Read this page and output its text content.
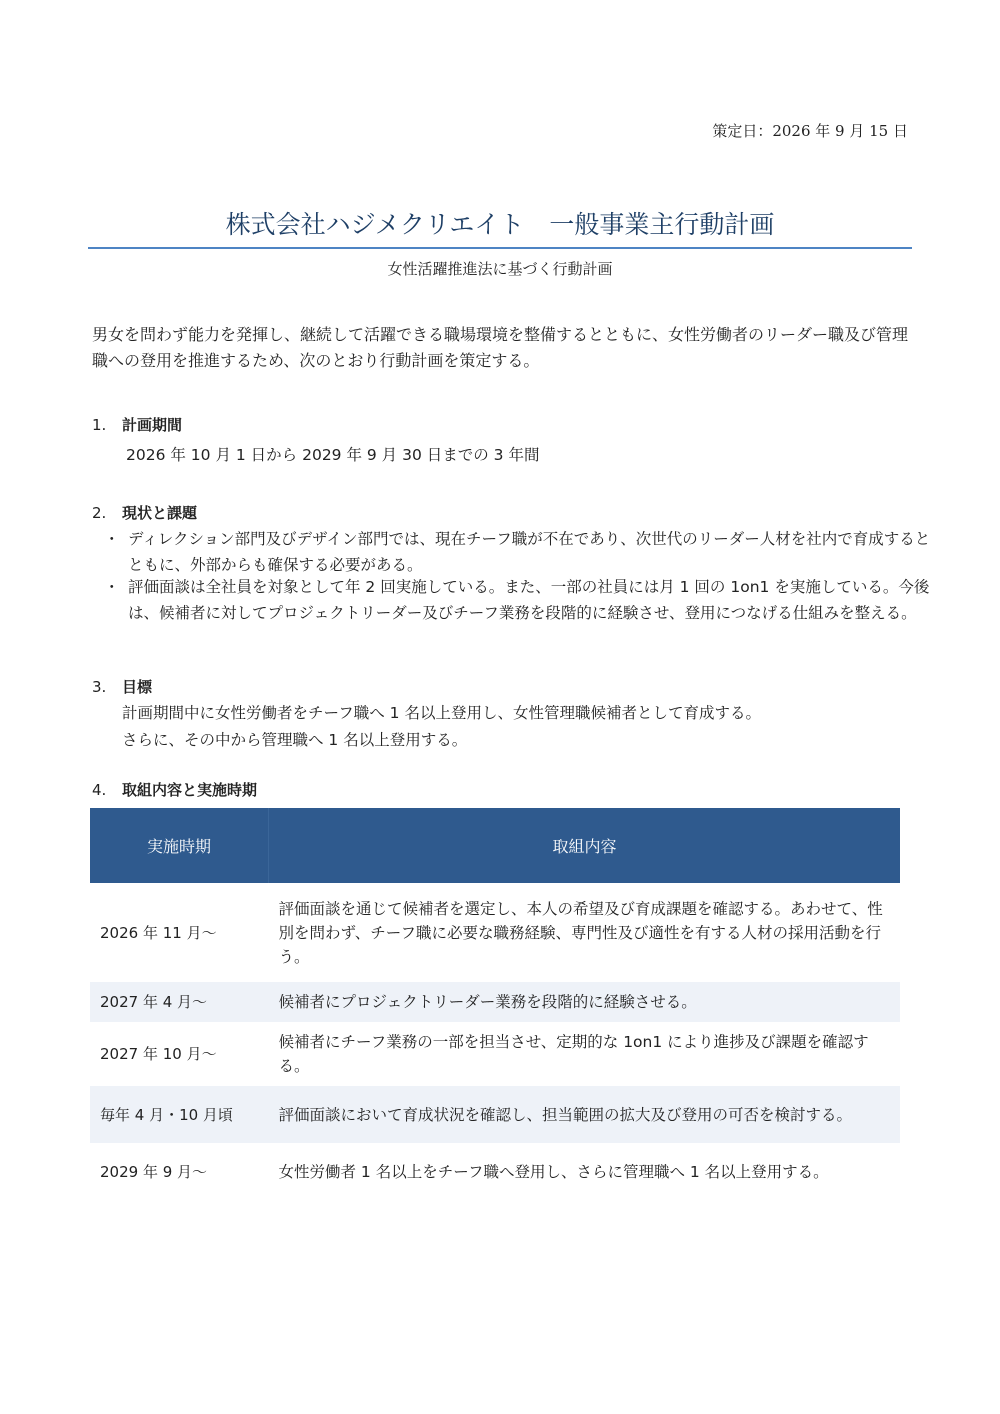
策定日：2026 年 9 月 15 日
株式会社ハジメクリエイト　一般事業主行動計画
女性活躍推進法に基づく行動計画
男女を問わず能力を発揮し、継続して活躍できる職場環境を整備するとともに、女性労働者のリーダー職及び管理職への登用を推進するため、次のとおり行動計画を策定する。
1. 計画期間
2026 年 10 月 1 日から 2029 年 9 月 30 日までの 3 年間
2. 現状と課題
・ ディレクション部門及びデザイン部門では、現在チーフ職が不在であり、次世代のリーダー人材を社内で育成するとともに、外部からも確保する必要がある。
・ 評価面談は全社員を対象として年 2 回実施している。また、一部の社員には月 1 回の 1on1 を実施している。今後は、候補者に対してプロジェクトリーダー及びチーフ業務を段階的に経験させ、登用につなげる仕組みを整える。
3. 目標
計画期間中に女性労働者をチーフ職へ 1 名以上登用し、女性管理職候補者として育成する。
さらに、その中から管理職へ 1 名以上登用する。
4. 取組内容と実施時期
実施時期	取組内容
2026 年 11 月〜	評価面談を通じて候補者を選定し、本人の希望及び育成課題を確認する。あわせて、性別を問わず、チーフ職に必要な職務経験、専門性及び適性を有する人材の採用活動を行う。
2027 年 4 月〜	候補者にプロジェクトリーダー業務を段階的に経験させる。
2027 年 10 月〜	候補者にチーフ業務の一部を担当させ、定期的な 1on1 により進捗及び課題を確認する。
毎年 4 月・10 月頃	評価面談において育成状況を確認し、担当範囲の拡大及び登用の可否を検討する。
2029 年 9 月〜	女性労働者 1 名以上をチーフ職へ登用し、さらに管理職へ 1 名以上登用する。
